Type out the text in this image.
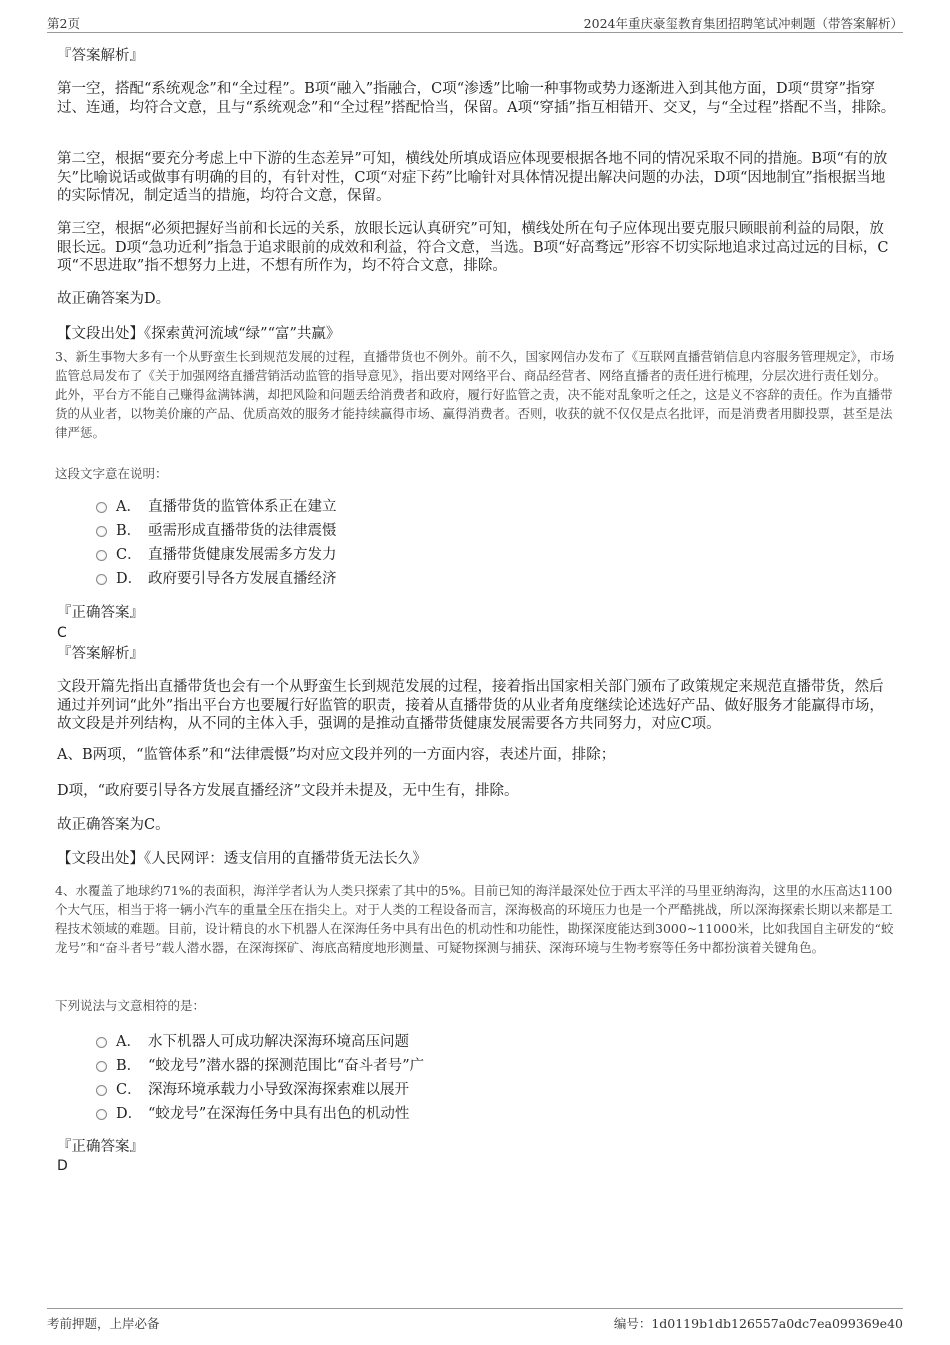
第2页	2024年重庆豪玺教育集团招聘笔试冲刺题（带答案解析）

『答案解析』

第一空，搭配“系统观念”和“全过程”。B项“融入”指融合，C项“渗透”比喻一种事物或势力逐渐进入到其他方面，D项“贯穿”指穿过、连通，均符合文意，且与“系统观念”和“全过程”搭配恰当，保留。A项“穿插”指互相错开、交叉，与“全过程”搭配不当，排除。

第二空，根据“要充分考虑上中下游的生态差异”可知，横线处所填成语应体现要根据各地不同的情况采取不同的措施。B项“有的放矢”比喻说话或做事有明确的目的，有针对性，C项“对症下药”比喻针对具体情况提出解决问题的办法，D项“因地制宜”指根据当地的实际情况，制定适当的措施，均符合文意，保留。

第三空，根据“必须把握好当前和长远的关系，放眼长远认真研究”可知，横线处所在句子应体现出要克服只顾眼前利益的局限，放眼长远。D项“急功近利”指急于追求眼前的成效和利益，符合文意，当选。B项“好高骛远”形容不切实际地追求过高过远的目标，C项“不思进取”指不想努力上进，不想有所作为，均不符合文意，排除。

故正确答案为D。

【文段出处】《探索黄河流域“绿”“富”共赢》

3、新生事物大多有一个从野蛮生长到规范发展的过程，直播带货也不例外。前不久，国家网信办发布了《互联网直播营销信息内容服务管理规定》，市场监管总局发布了《关于加强网络直播营销活动监管的指导意见》，指出要对网络平台、商品经营者、网络直播者的责任进行梳理，分层次进行责任划分。此外，平台方不能自己赚得盆满钵满，却把风险和问题丢给消费者和政府，履行好监管之责，决不能对乱象听之任之，这是义不容辞的责任。作为直播带货的从业者，以物美价廉的产品、优质高效的服务才能持续赢得市场、赢得消费者。否则，收获的就不仅仅是点名批评，而是消费者用脚投票，甚至是法律严惩。

这段文字意在说明：

A． 直播带货的监管体系正在建立
B． 亟需形成直播带货的法律震慑
C． 直播带货健康发展需多方发力
D． 政府要引导各方发展直播经济

『正确答案』

C

『答案解析』

文段开篇先指出直播带货也会有一个从野蛮生长到规范发展的过程，接着指出国家相关部门颁布了政策规定来规范直播带货，然后通过并列词“此外”指出平台方也要履行好监管的职责，接着从直播带货的从业者角度继续论述选好产品、做好服务才能赢得市场，故文段是并列结构，从不同的主体入手，强调的是推动直播带货健康发展需要各方共同努力，对应C项。

A、B两项，“监管体系”和“法律震慑”均对应文段并列的一方面内容，表述片面，排除；

D项，“政府要引导各方发展直播经济”文段并未提及，无中生有，排除。

故正确答案为C。

【文段出处】《人民网评：透支信用的直播带货无法长久》

4、水覆盖了地球约71%的表面积，海洋学者认为人类只探索了其中的5%。目前已知的海洋最深处位于西太平洋的马里亚纳海沟，这里的水压高达1100个大气压，相当于将一辆小汽车的重量全压在指尖上。对于人类的工程设备而言，深海极高的环境压力也是一个严酷挑战，所以深海探索长期以来都是工程技术领域的难题。目前，设计精良的水下机器人在深海任务中具有出色的机动性和功能性，勘探深度能达到3000~11000米，比如我国自主研发的“蛟龙号”和“奋斗者号”载人潜水器，在深海探矿、海底高精度地形测量、可疑物探测与捕获、深海环境与生物考察等任务中都扮演着关键角色。

下列说法与文意相符的是：

A． 水下机器人可成功解决深海环境高压问题
B． “蛟龙号”潜水器的探测范围比“奋斗者号”广
C． 深海环境承载力小导致深海探索难以展开
D． “蛟龙号”在深海任务中具有出色的机动性

『正确答案』

D

考前押题，上岸必备	编号：1d0119b1db126557a0dc7ea099369e40
